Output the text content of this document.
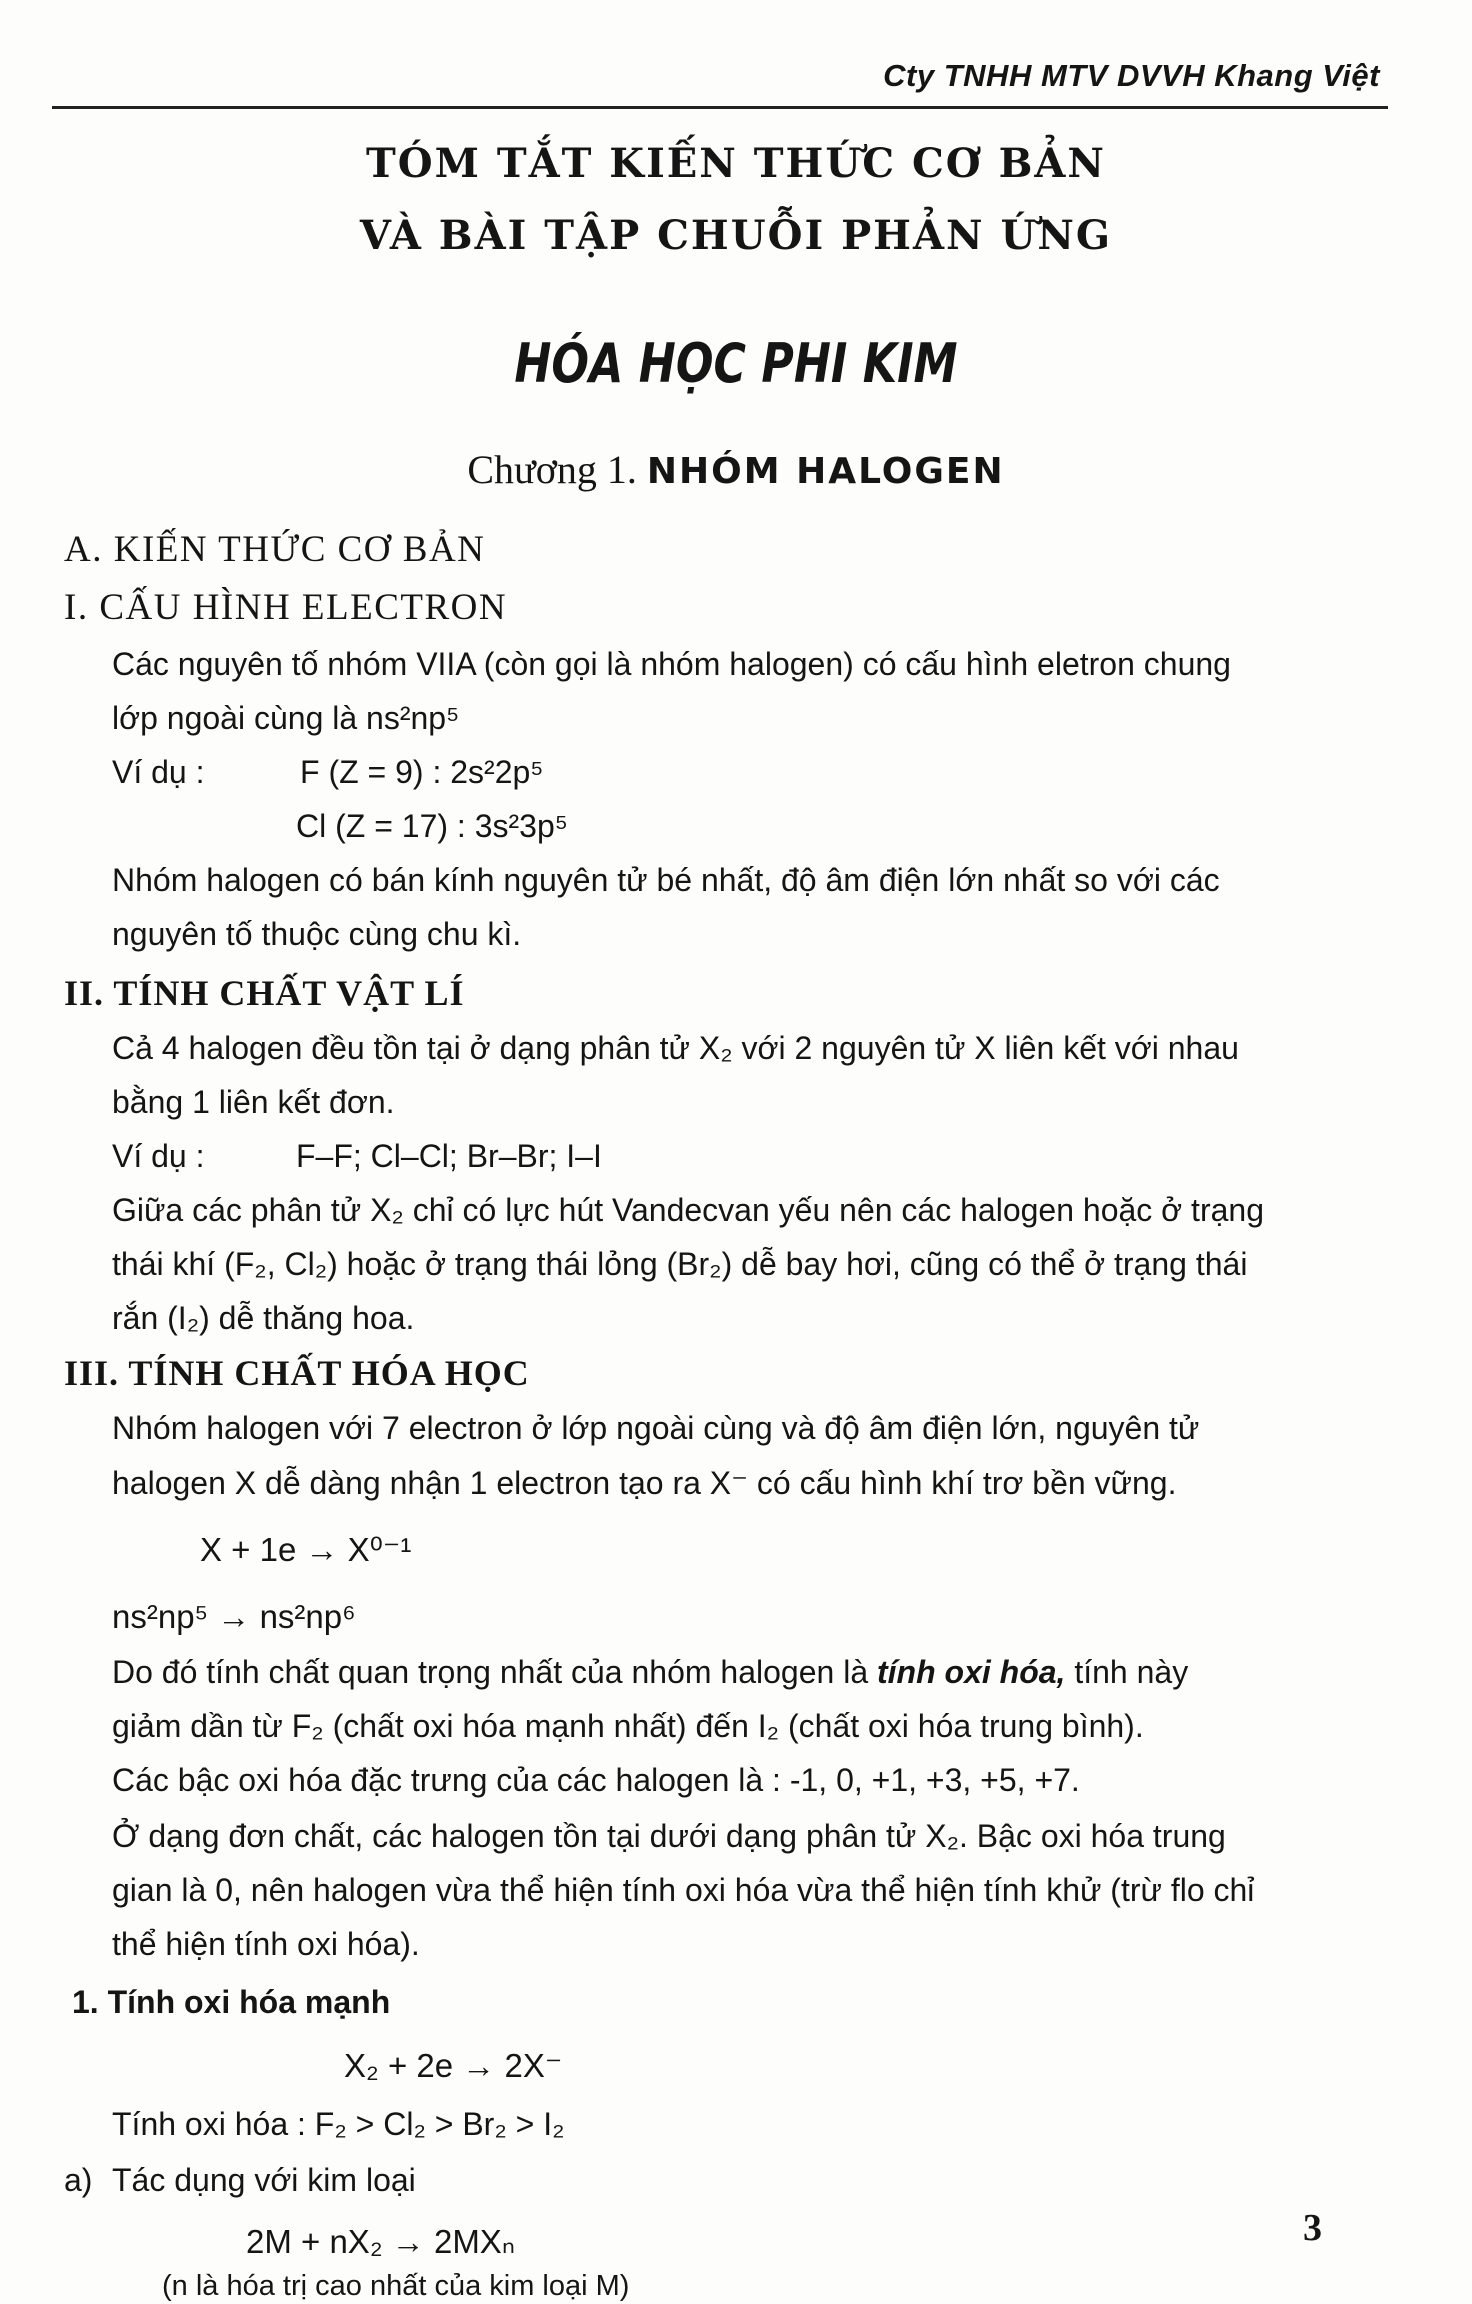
Cty TNHH MTV DVVH Khang Việt
TÓM TẮT KIẾN THỨC CƠ BẢN
VÀ BÀI TẬP CHUỖI PHẢN ỨNG
HÓA HỌC PHI KIM
Chương 1. NHÓM HALOGEN
A. KIẾN THỨC CƠ BẢN
I. CẤU HÌNH ELECTRON
Các nguyên tố nhóm VIIA (còn gọi là nhóm halogen) có cấu hình eletron chung
lớp ngoài cùng là ns²np⁵
Ví dụ :	F (Z = 9) : 2s²2p⁵
Cl (Z = 17) : 3s²3p⁵
Nhóm halogen có bán kính nguyên tử bé nhất, độ âm điện lớn nhất so với các
nguyên tố thuộc cùng chu kì.
II. TÍNH CHẤT VẬT LÍ
Cả 4 halogen đều tồn tại ở dạng phân tử X₂ với 2 nguyên tử X liên kết với nhau
bằng 1 liên kết đơn.
Ví dụ :	F–F; Cl–Cl; Br–Br; I–I
Giữa các phân tử X₂ chỉ có lực hút Vandecvan yếu nên các halogen hoặc ở trạng
thái khí (F₂, Cl₂) hoặc ở trạng thái lỏng (Br₂) dễ bay hơi, cũng có thể ở trạng thái
rắn (I₂) dễ thăng hoa.
III. TÍNH CHẤT HÓA HỌC
Nhóm halogen với 7 electron ở lớp ngoài cùng và độ âm điện lớn, nguyên tử
halogen X dễ dàng nhận 1 electron tạo ra X⁻ có cấu hình khí trơ bền vững.
X + 1e → X⁰⁻¹
ns²np⁵ → ns²np⁶
Do đó tính chất quan trọng nhất của nhóm halogen là tính oxi hóa, tính này
giảm dần từ F₂ (chất oxi hóa mạnh nhất) đến I₂ (chất oxi hóa trung bình).
Các bậc oxi hóa đặc trưng của các halogen là : -1, 0, +1, +3, +5, +7.
Ở dạng đơn chất, các halogen tồn tại dưới dạng phân tử X₂. Bậc oxi hóa trung
gian là 0, nên halogen vừa thể hiện tính oxi hóa vừa thể hiện tính khử (trừ flo chỉ
thể hiện tính oxi hóa).
1. Tính oxi hóa mạnh
X₂ + 2e → 2X⁻
Tính oxi hóa : F₂ > Cl₂ > Br₂ > I₂
a) Tác dụng với kim loại
2M + nX₂ → 2MXₙ
(n là hóa trị cao nhất của kim loại M)
3
